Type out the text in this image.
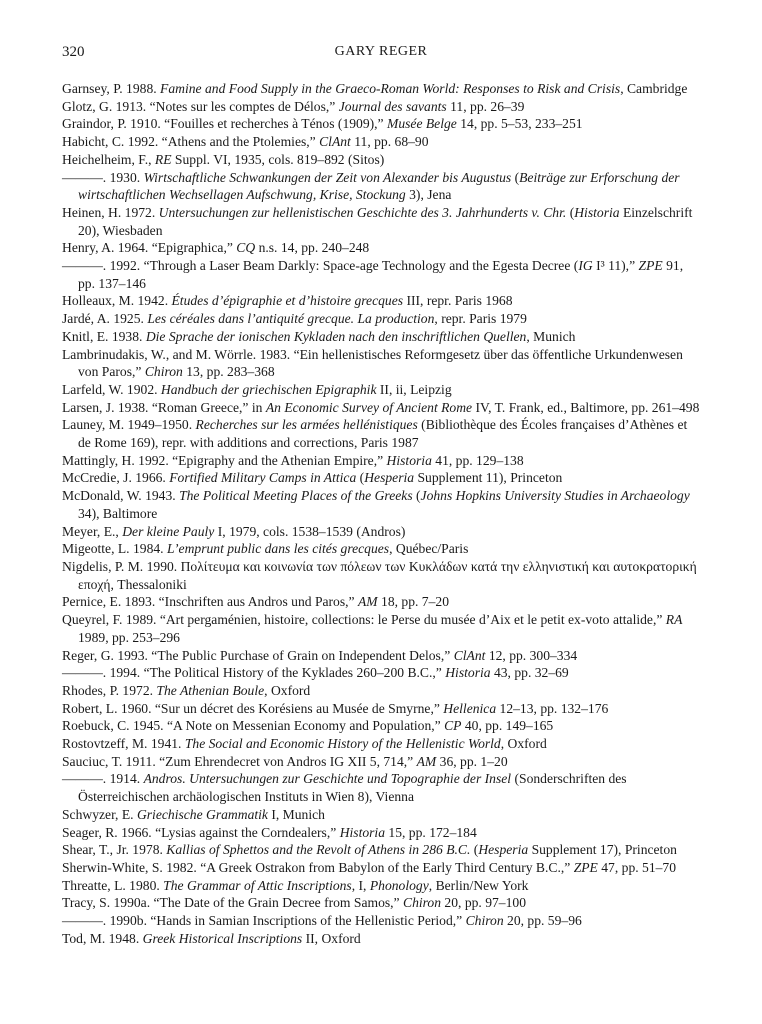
320	GARY REGER
Garnsey, P. 1988. Famine and Food Supply in the Graeco-Roman World: Responses to Risk and Crisis, Cambridge
Glotz, G. 1913. “Notes sur les comptes de Délos,” Journal des savants 11, pp. 26–39
Graindor, P. 1910. “Fouilles et recherches à Ténos (1909),” Musée Belge 14, pp. 5–53, 233–251
Habicht, C. 1992. “Athens and the Ptolemies,” ClAnt 11, pp. 68–90
Heichelheim, F., RE Suppl. VI, 1935, cols. 819–892 (Sitos)
———. 1930. Wirtschaftliche Schwankungen der Zeit von Alexander bis Augustus (Beiträge zur Erforschung der wirtschaftlichen Wechsellagen Aufschwung, Krise, Stockung 3), Jena
Heinen, H. 1972. Untersuchungen zur hellenistischen Geschichte des 3. Jahrhunderts v. Chr. (Historia Einzelschrift 20), Wiesbaden
Henry, A. 1964. “Epigraphica,” CQ n.s. 14, pp. 240–248
———. 1992. “Through a Laser Beam Darkly: Space-age Technology and the Egesta Decree (IG I³ 11),” ZPE 91, pp. 137–146
Holleaux, M. 1942. Études d’épigraphie et d’histoire grecques III, repr. Paris 1968
Jardé, A. 1925. Les céréales dans l’antiquité grecque. La production, repr. Paris 1979
Knitl, E. 1938. Die Sprache der ionischen Kykladen nach den inschriftlichen Quellen, Munich
Lambrinudakis, W., and M. Wörrle. 1983. “Ein hellenistisches Reformgesetz über das öffentliche Urkundenwesen von Paros,” Chiron 13, pp. 283–368
Larfeld, W. 1902. Handbuch der griechischen Epigraphik II, ii, Leipzig
Larsen, J. 1938. “Roman Greece,” in An Economic Survey of Ancient Rome IV, T. Frank, ed., Baltimore, pp. 261–498
Launey, M. 1949–1950. Recherches sur les armées hellénistiques (Bibliothèque des Écoles françaises d’Athènes et de Rome 169), repr. with additions and corrections, Paris 1987
Mattingly, H. 1992. “Epigraphy and the Athenian Empire,” Historia 41, pp. 129–138
McCredie, J. 1966. Fortified Military Camps in Attica (Hesperia Supplement 11), Princeton
McDonald, W. 1943. The Political Meeting Places of the Greeks (Johns Hopkins University Studies in Archaeology 34), Baltimore
Meyer, E., Der kleine Pauly I, 1979, cols. 1538–1539 (Andros)
Migeotte, L. 1984. L’emprunt public dans les cités grecques, Québec/Paris
Nigdelis, P. M. 1990. Πολίτευμα και κοινωνία των πόλεων των Κυκλάδων κατά την ελληνιστική και αυτοκρατορική εποχή, Thessaloniki
Pernice, E. 1893. “Inschriften aus Andros und Paros,” AM 18, pp. 7–20
Queyrel, F. 1989. “Art pergaménien, histoire, collections: le Perse du musée d’Aix et le petit ex-voto attalide,” RA 1989, pp. 253–296
Reger, G. 1993. “The Public Purchase of Grain on Independent Delos,” ClAnt 12, pp. 300–334
———. 1994. “The Political History of the Kyklades 260–200 B.C.,” Historia 43, pp. 32–69
Rhodes, P. 1972. The Athenian Boule, Oxford
Robert, L. 1960. “Sur un décret des Korésiens au Musée de Smyrne,” Hellenica 12–13, pp. 132–176
Roebuck, C. 1945. “A Note on Messenian Economy and Population,” CP 40, pp. 149–165
Rostovtzeff, M. 1941. The Social and Economic History of the Hellenistic World, Oxford
Sauciuc, T. 1911. “Zum Ehrendecret von Andros IG XII 5, 714,” AM 36, pp. 1–20
———. 1914. Andros. Untersuchungen zur Geschichte und Topographie der Insel (Sonderschriften des Österreichischen archäologischen Instituts in Wien 8), Vienna
Schwyzer, E. Griechische Grammatik I, Munich
Seager, R. 1966. “Lysias against the Corndealers,” Historia 15, pp. 172–184
Shear, T., Jr. 1978. Kallias of Sphettos and the Revolt of Athens in 286 B.C. (Hesperia Supplement 17), Princeton
Sherwin-White, S. 1982. “A Greek Ostrakon from Babylon of the Early Third Century B.C.,” ZPE 47, pp. 51–70
Threatte, L. 1980. The Grammar of Attic Inscriptions, I, Phonology, Berlin/New York
Tracy, S. 1990a. “The Date of the Grain Decree from Samos,” Chiron 20, pp. 97–100
———. 1990b. “Hands in Samian Inscriptions of the Hellenistic Period,” Chiron 20, pp. 59–96
Tod, M. 1948. Greek Historical Inscriptions II, Oxford
